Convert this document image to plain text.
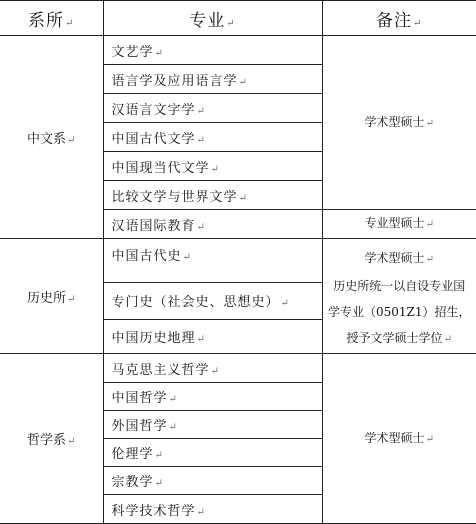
系所↵	专业↵	备注↵
中文系↵	文艺学↵	学术型硕士↵
	语言学及应用语言学↵	
	汉语言文字学↵	
	中国古代文学↵	
	中国现当代文学↵	
	比较文学与世界文学↵	
	汉语国际教育↵	专业型硕士↵
历史所↵	中国古代史↵	学术型硕士↵
历史所统一以自设专业国
学专业（0501Z1）招生，
授予文学硕士学位↵

	专门史（社会史、思想史）↵	
	中国历史地理↵	
哲学系↵	马克思主义哲学↵	学术型硕士↵
	中国哲学↵	
	外国哲学↵	
	伦理学↵	
	宗教学↵	
	科学技术哲学↵	
